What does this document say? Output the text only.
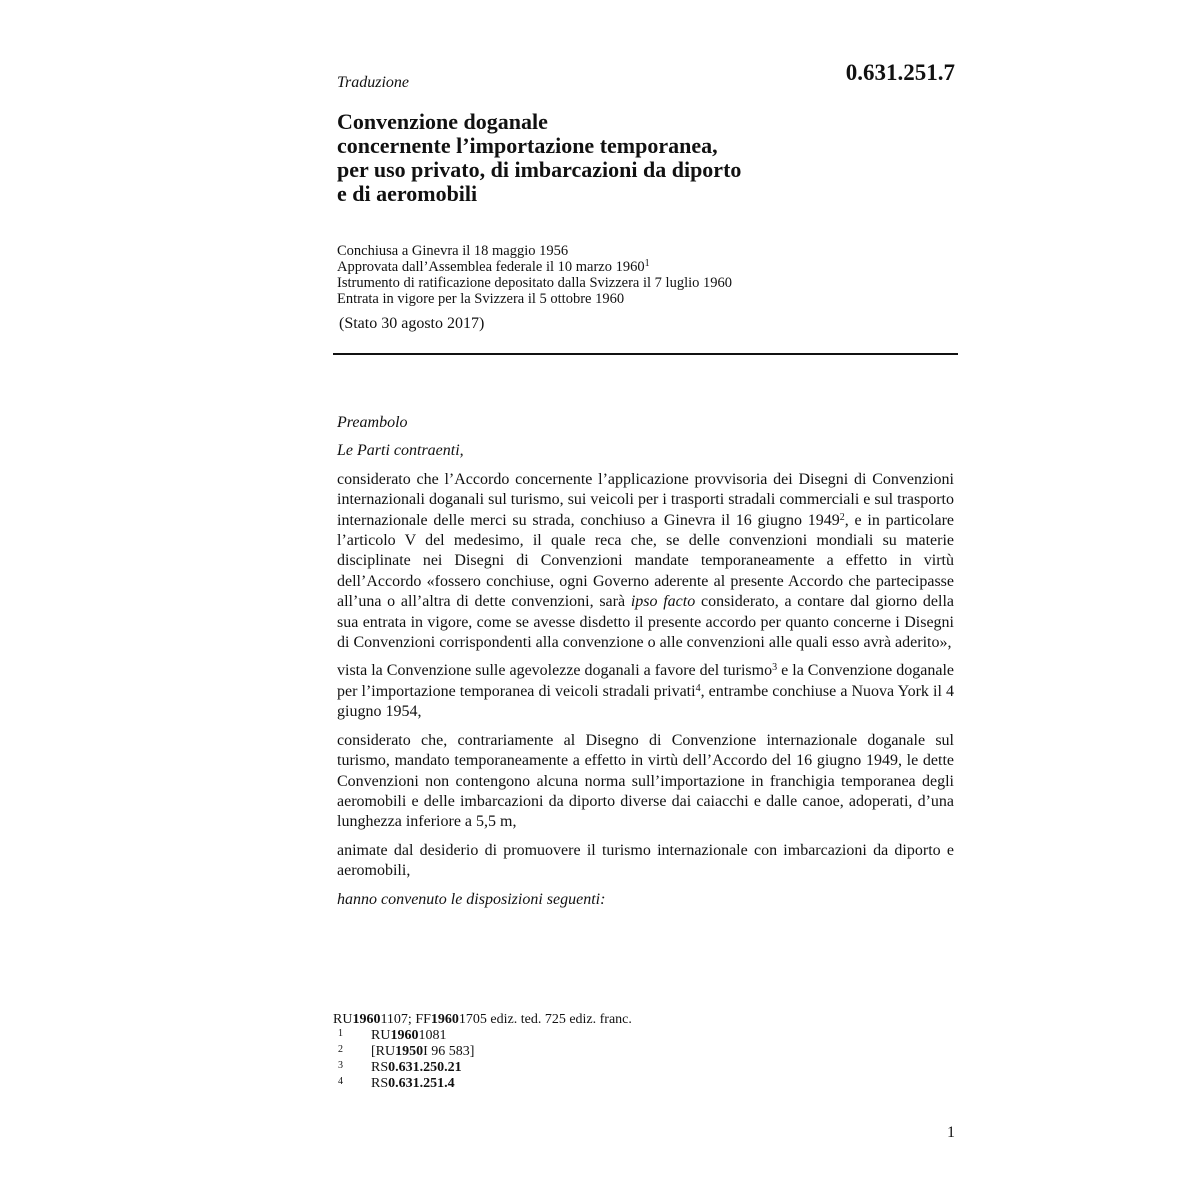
0.631.251.7
Traduzione
Convenzione doganale
concernente l’importazione temporanea,
per uso privato, di imbarcazioni da diporto
e di aeromobili
Conchiusa a Ginevra il 18 maggio 1956
Approvata dall’Assemblea federale il 10 marzo 1960$^1$
Istrumento di ratificazione depositato dalla Svizzera il 7 luglio 1960
Entrata in vigore per la Svizzera il 5 ottobre 1960
(Stato 30 agosto 2017)
Preambolo
Le Parti contraenti,
considerato che l’Accordo concernente l’applicazione provvisoria dei Disegni di Convenzioni internazionali doganali sul turismo, sui veicoli per i trasporti stradali commerciali e sul trasporto internazionale delle merci su strada, conchiuso a Ginevra il 16 giugno 1949$^2$, e in particolare l’articolo V del medesimo, il quale reca che, se delle convenzioni mondiali su materie disciplinate nei Disegni di Convenzioni mandate temporaneamente a effetto in virtù dell’Accordo «fossero conchiuse, ogni Governo aderente al presente Accordo che partecipasse all’una o all’altra di dette convenzioni, sarà ipso facto considerato, a contare dal giorno della sua entrata in vigore, come se avesse disdetto il presente accordo per quanto concerne i Disegni di Convenzioni corrispondenti alla convenzione o alle convenzioni alle quali esso avrà aderito»,
vista la Convenzione sulle agevolezze doganali a favore del turismo$^3$ e la Convenzione doganale per l’importazione temporanea di veicoli stradali privati$^4$, entrambe conchiuse a Nuova York il 4 giugno 1954,
considerato che, contrariamente al Disegno di Convenzione internazionale doganale sul turismo, mandato temporaneamente a effetto in virtù dell’Accordo del 16 giugno 1949, le dette Convenzioni non contengono alcuna norma sull’importazione in franchigia temporanea degli aeromobili e delle imbarcazioni da diporto diverse dai caiacchi e dalle canoe, adoperati, d’una lunghezza inferiore a 5,5 m,
animate dal desiderio di promuovere il turismo internazionale con imbarcazioni da diporto e aeromobili,
hanno convenuto le disposizioni seguenti:
RU 1960 1107; FF 1960 1705 ediz. ted. 725 ediz. franc.
1	RU 1960 1081
2	[RU 1950 I 96 583]
3	RS 0.631.250.21
4	RS 0.631.251.4
1
